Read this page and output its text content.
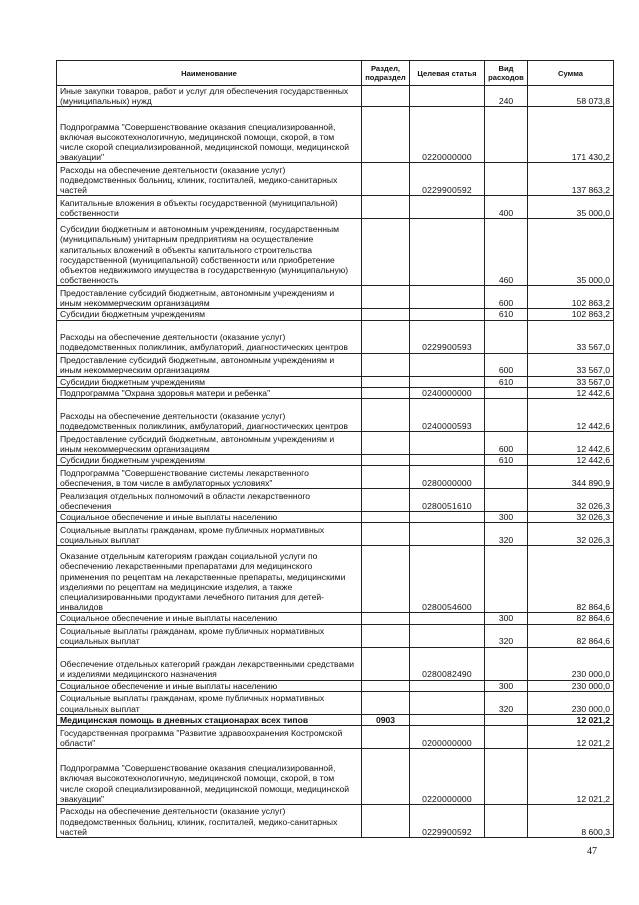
Наименование	Раздел, подраздел	Целевая статья	Вид расходов	Сумма
Иные закупки товаров, работ и услуг для обеспечения государственных (муниципальных) нужд			240	58 073,8
Подпрограмма "Совершенствование оказания специализированной, включая высокотехнологичную, медицинской помощи, скорой, в том числе скорой специализированной, медицинской помощи, медицинской эвакуации"		0220000000		171 430,2
Расходы на обеспечение деятельности (оказание услуг) подведомственных больниц, клиник, госпиталей, медико-санитарных частей		0229900592		137 863,2
Капитальные вложения в объекты государственной (муниципальной) собственности			400	35 000,0
Субсидии бюджетным и автономным учреждениям, государственным (муниципальным) унитарным предприятиям на осуществление капитальных вложений в объекты капитального строительства государственной (муниципальной) собственности или приобретение объектов недвижимого имущества в государственную (муниципальную) собственность			460	35 000,0
Предоставление субсидий бюджетным, автономным учреждениям и иным некоммерческим организациям			600	102 863,2
Субсидии бюджетным учреждениям			610	102 863,2
Расходы на обеспечение деятельности (оказание услуг) подведомственных поликлиник, амбулаторий, диагностических центров		0229900593		33 567,0
Предоставление субсидий бюджетным, автономным учреждениям и иным некоммерческим организациям			600	33 567,0
Субсидии бюджетным учреждениям			610	33 567,0
Подпрограмма "Охрана здоровья матери и ребенка"		0240000000		12 442,6
Расходы на обеспечение деятельности (оказание услуг) подведомственных поликлиник, амбулаторий, диагностических центров		0240000593		12 442,6
Предоставление субсидий бюджетным, автономным учреждениям и иным некоммерческим организациям			600	12 442,6
Субсидии бюджетным учреждениям			610	12 442,6
Подпрограмма "Совершенствование системы лекарственного обеспечения, в том числе в амбулаторных условиях"		0280000000		344 890,9
Реализация отдельных полномочий в области лекарственного обеспечения		0280051610		32 026,3
Социальное обеспечение и иные выплаты населению			300	32 026,3
Социальные выплаты гражданам, кроме публичных нормативных социальных выплат			320	32 026,3
Оказание отдельным категориям граждан социальной услуги по обеспечению лекарственными препаратами для медицинского применения по рецептам на лекарственные препараты, медицинскими изделиями по рецептам на медицинские изделия, а также специализированными продуктами лечебного питания для детей-инвалидов		0280054600		82 864,6
Социальное обеспечение и иные выплаты населению			300	82 864,6
Социальные выплаты гражданам, кроме публичных нормативных социальных выплат			320	82 864,6
Обеспечение отдельных категорий граждан лекарственными средствами и изделиями медицинского назначения		0280082490		230 000,0
Социальное обеспечение и иные выплаты населению			300	230 000,0
Социальные выплаты гражданам, кроме публичных нормативных социальных выплат			320	230 000,0
Медицинская помощь в дневных стационарах всех типов	0903			12 021,2
Государственная программа "Развитие здравоохранения Костромской области"		0200000000		12 021,2
Подпрограмма "Совершенствование оказания специализированной, включая высокотехнологичную, медицинской помощи, скорой, в том числе скорой специализированной, медицинской помощи, медицинской эвакуации"		0220000000		12 021,2
Расходы на обеспечение деятельности (оказание услуг) подведомственных больниц, клиник, госпиталей, медико-санитарных частей		0229900592		8 600,3
47
